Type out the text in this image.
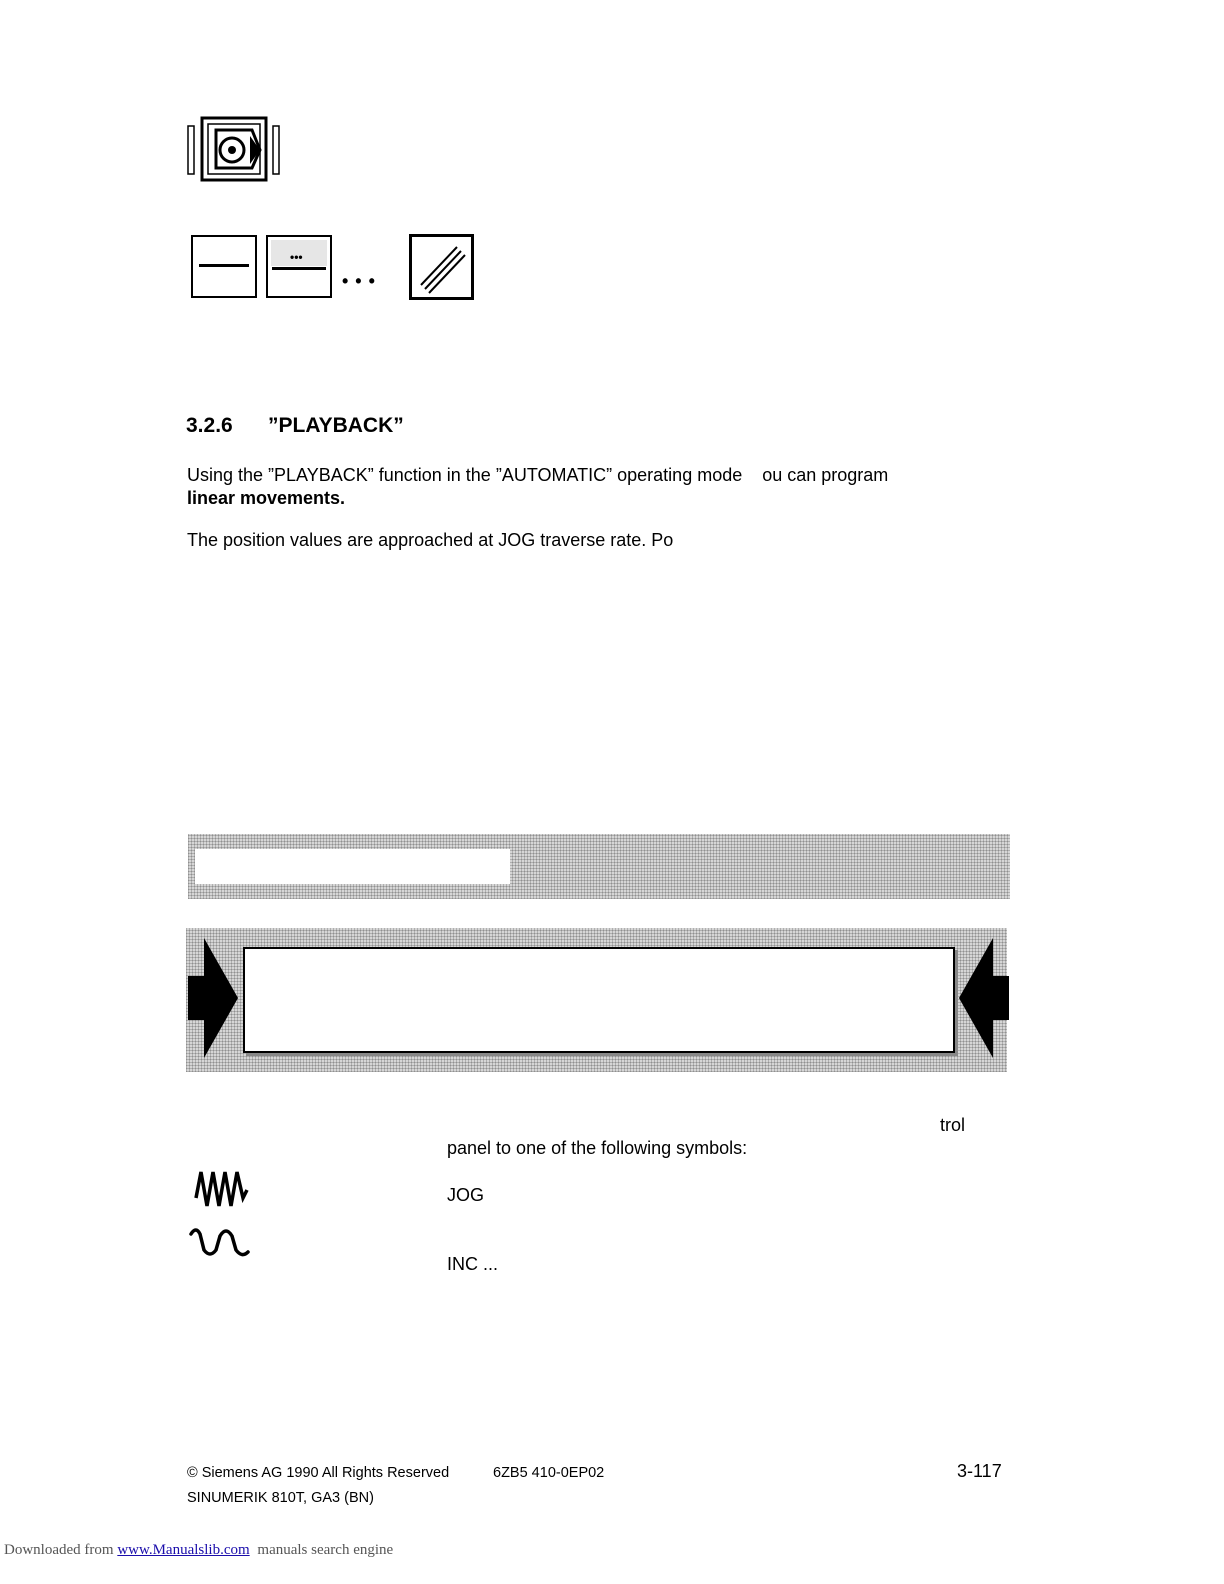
•••
• • •
3.2.6 ”PLAYBACK”
Using the ”PLAYBACK” function in the ”AUTOMATIC” operating mode    ou can program
linear movements.
The position values are approached at JOG traverse rate. Po
trol
panel to one of the following symbols:
JOG
INC ...
© Siemens AG 1990 All Rights Reserved	6ZB5 410-0EP02	3-117
SINUMERIK 810T, GA3 (BN)
Downloaded from www.Manualslib.com manuals search engine
